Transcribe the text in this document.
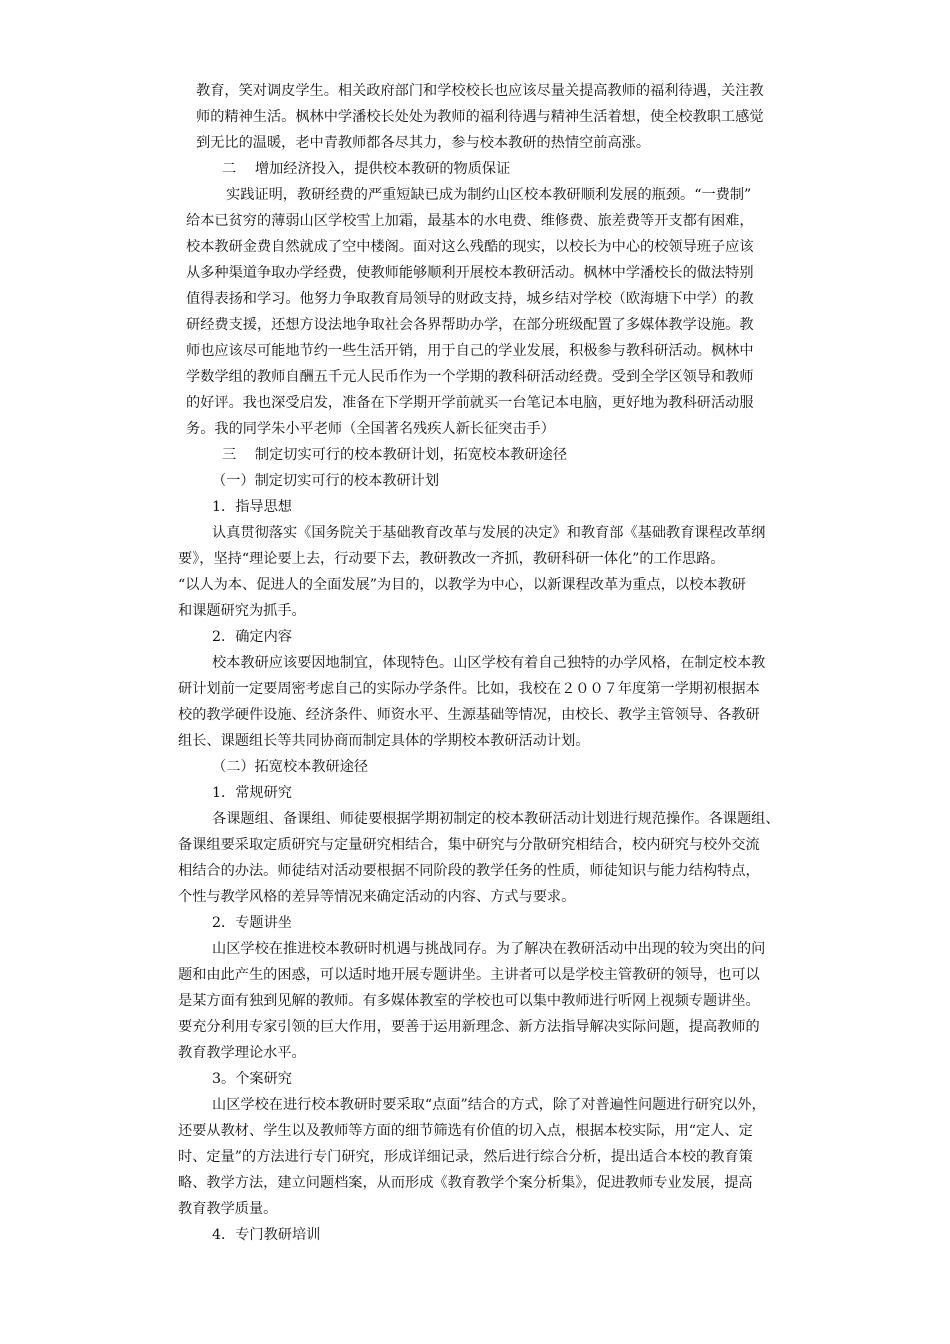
教育，笑对调皮学生。相关政府部门和学校校长也应该尽量关提高教师的福利待遇，关注教
师的精神生活。枫林中学潘校长处处为教师的福利待遇与精神生活着想，使全校教职工感觉
到无比的温暖，老中青教师都各尽其力，参与校本教研的热情空前高涨。
二　 增加经济投入，提供校本教研的物质保证
实践证明，教研经费的严重短缺已成为制约山区校本教研顺利发展的瓶颈。“一费制”
给本已贫穷的薄弱山区学校雪上加霜，最基本的水电费、维修费、旅差费等开支都有困难，
校本教研金费自然就成了空中楼阁。面对这么残酷的现实，以校长为中心的校领导班子应该
从多种渠道争取办学经费，使教师能够顺利开展校本教研活动。枫林中学潘校长的做法特别
值得表扬和学习。他努力争取教育局领导的财政支持，城乡结对学校（欧海塘下中学）的教
研经费支援，还想方设法地争取社会各界帮助办学，在部分班级配置了多媒体教学设施。教
师也应该尽可能地节约一些生活开销，用于自己的学业发展，积极参与教科研活动。枫林中
学数学组的教师自酬五千元人民币作为一个学期的教科研活动经费。受到全学区领导和教师
的好评。我也深受启发，准备在下学期开学前就买一台笔记本电脑，更好地为教科研活动服
务。我的同学朱小平老师（全国著名残疾人新长征突击手）
三　 制定切实可行的校本教研计划，拓宽校本教研途径
（一）制定切实可行的校本教研计划
1．指导思想
认真贯彻落实《国务院关于基础教育改革与发展的决定》和教育部《基础教育课程改革纲
要》，坚持“理论要上去，行动要下去，教研教改一齐抓，教研科研一体化”的工作思路。
“以人为本、促进人的全面发展”为目的，以教学为中心，以新课程改革为重点，以校本教研
和课题研究为抓手。
2．确定内容
校本教研应该要因地制宜，体现特色。山区学校有着自己独特的办学风格，在制定校本教
研计划前一定要周密考虑自己的实际办学条件。比如，我校在２００７年度第一学期初根据本
校的教学硬件设施、经济条件、师资水平、生源基础等情况，由校长、教学主管领导、各教研
组长、课题组长等共同协商而制定具体的学期校本教研活动计划。
（二）拓宽校本教研途径
1．常规研究
各课题组、备课组、师徒要根据学期初制定的校本教研活动计划进行规范操作。各课题组、
备课组要采取定质研究与定量研究相结合，集中研究与分散研究相结合，校内研究与校外交流
相结合的办法。师徒结对活动要根据不同阶段的教学任务的性质，师徒知识与能力结构特点，
个性与教学风格的差异等情况来确定活动的内容、方式与要求。
2．专题讲坐
山区学校在推进校本教研时机遇与挑战同存。为了解决在教研活动中出现的较为突出的问
题和由此产生的困惑，可以适时地开展专题讲坐。主讲者可以是学校主管教研的领导，也可以
是某方面有独到见解的教师。有多媒体教室的学校也可以集中教师进行听网上视频专题讲坐。
要充分利用专家引领的巨大作用，要善于运用新理念、新方法指导解决实际问题，提高教师的
教育教学理论水平。
3。个案研究
山区学校在进行校本教研时要采取“点面”结合的方式，除了对普遍性问题进行研究以外，
还要从教材、学生以及教师等方面的细节筛选有价值的切入点，根据本校实际，用“定人、定
时、定量”的方法进行专门研究，形成详细记录，然后进行综合分析，提出适合本校的教育策
略、教学方法，建立问题档案，从而形成《教育教学个案分析集》，促进教师专业发展，提高
教育教学质量。
4．专门教研培训
